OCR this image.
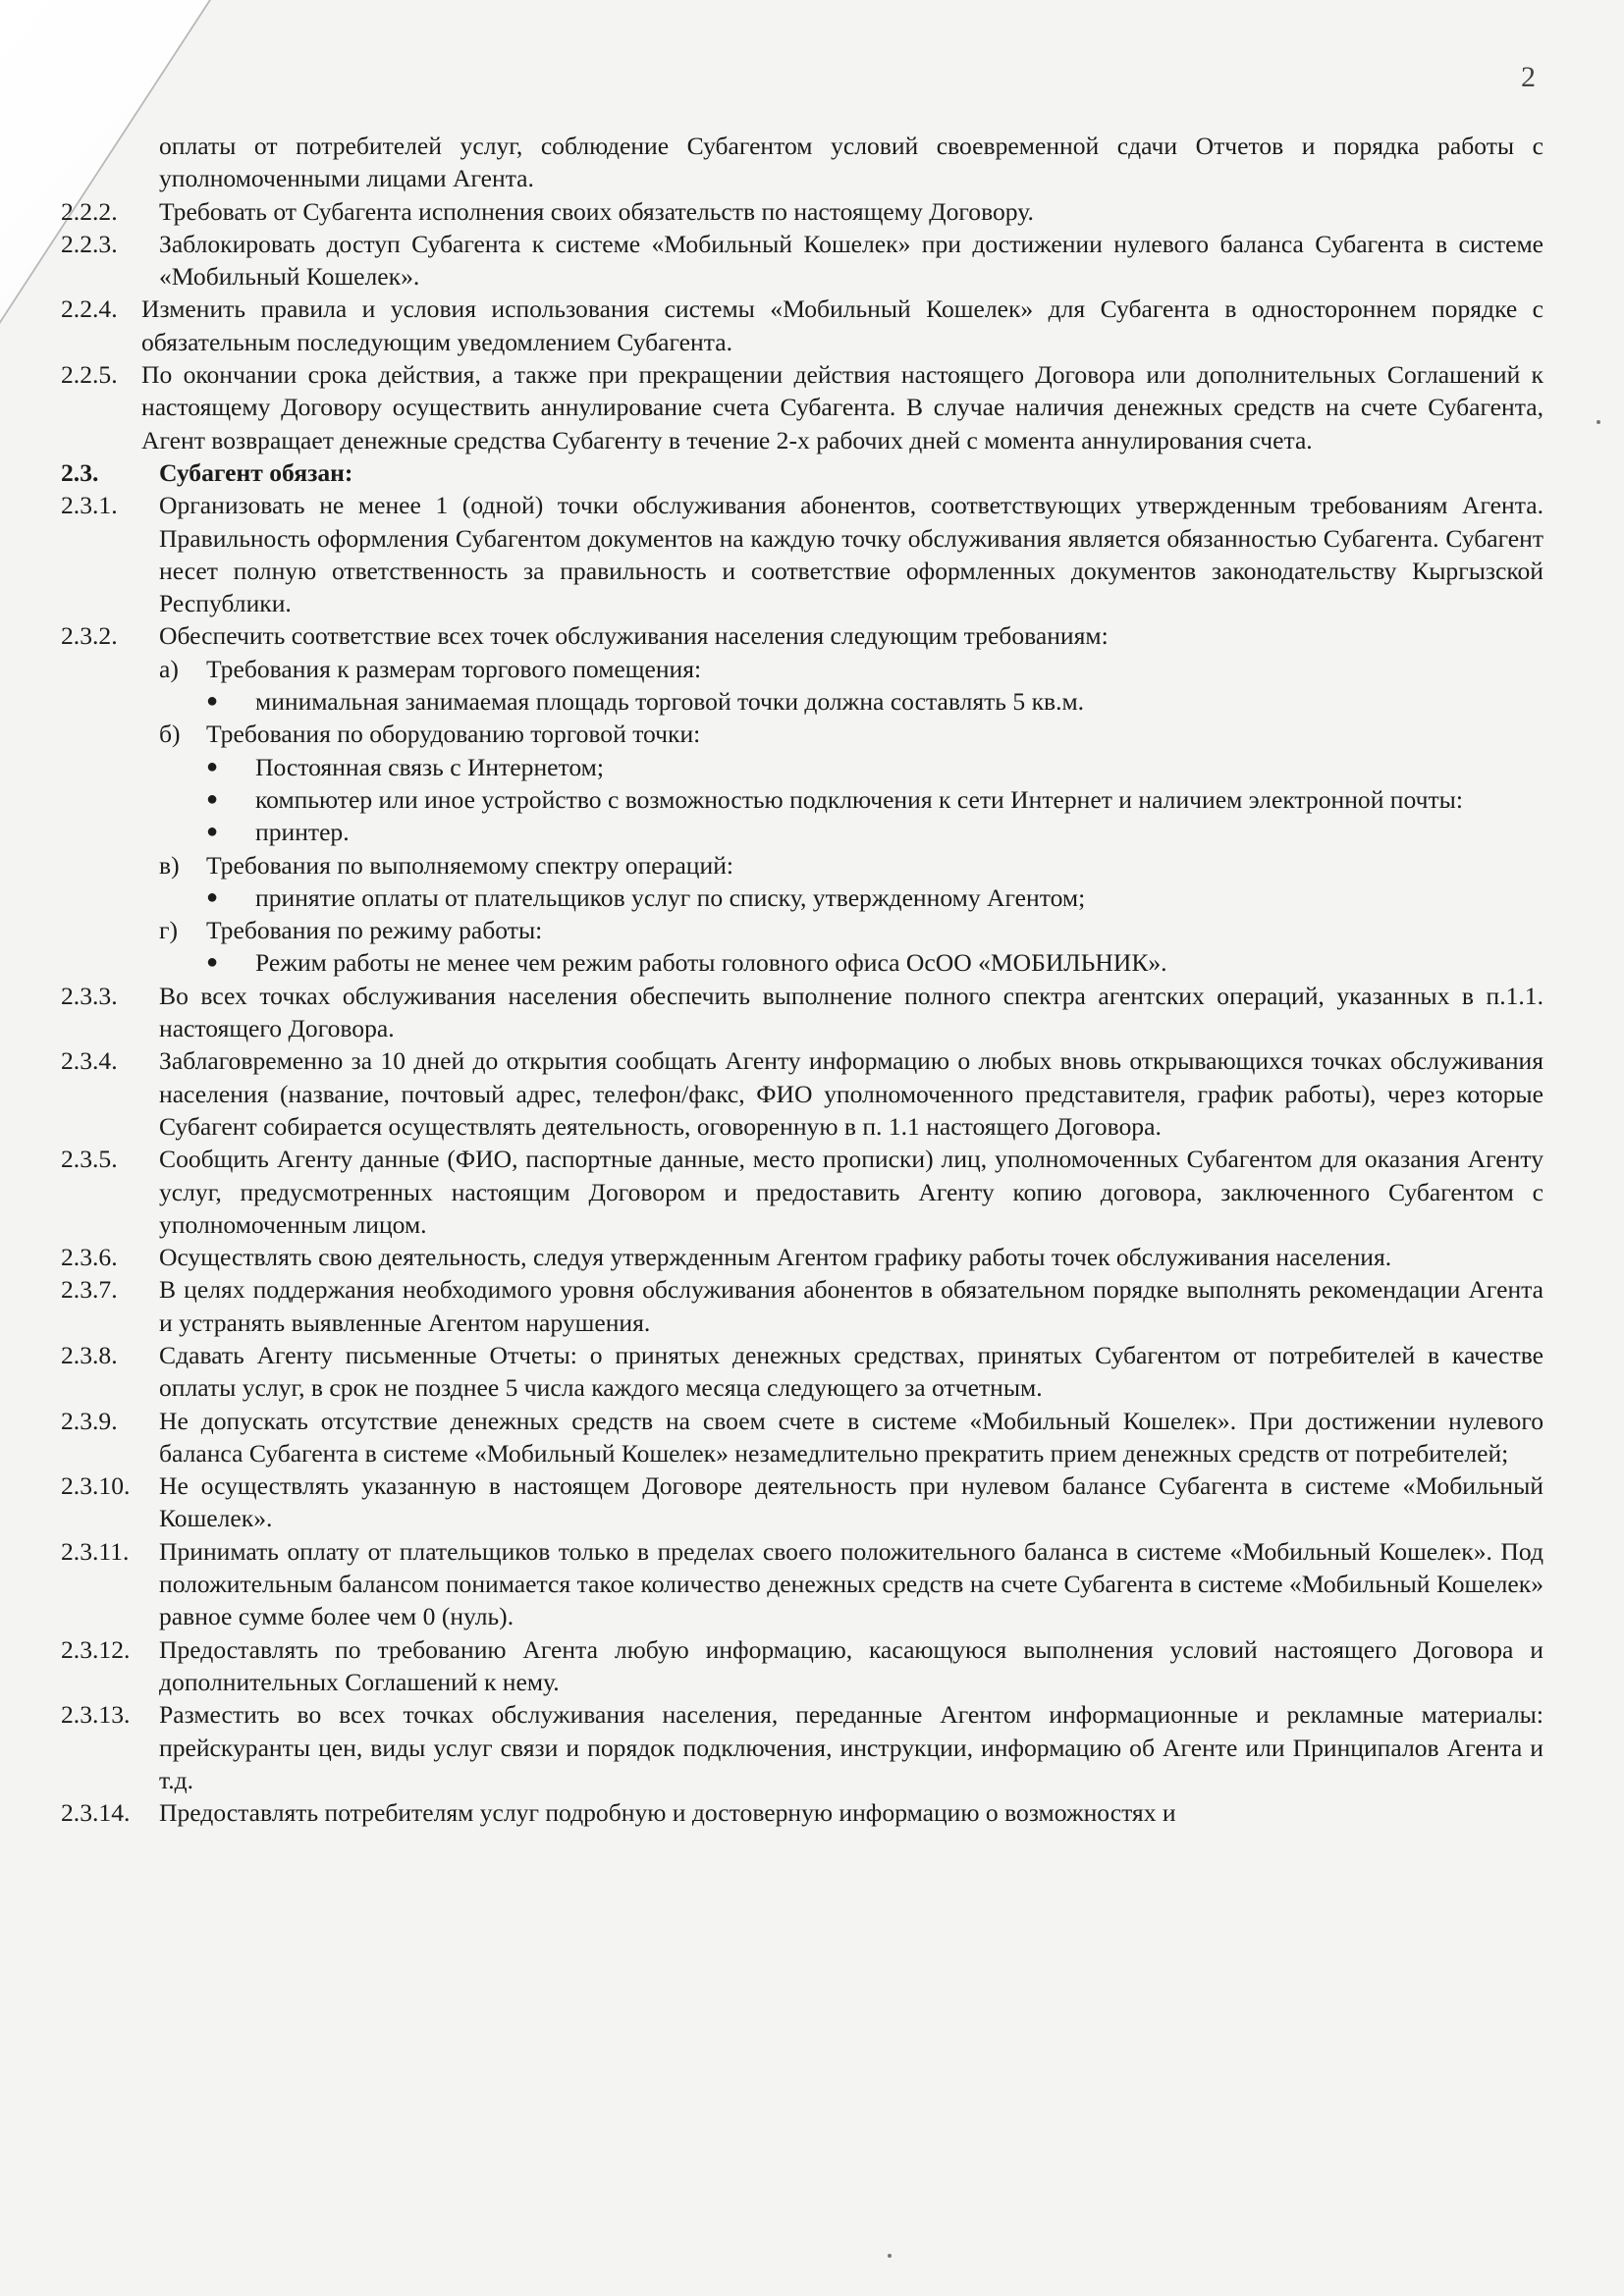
2

оплаты от потребителей услуг, соблюдение Субагентом условий своевременной сдачи Отчетов и порядка работы с уполномоченными лицами Агента.

2.2.2.	Требовать от Субагента исполнения своих обязательств по настоящему Договору.
2.2.3.	Заблокировать доступ Субагента к системе «Мобильный Кошелек» при достижении нулевого баланса Субагента в системе «Мобильный Кошелек».
2.2.4. Изменить правила и условия использования системы «Мобильный Кошелек» для Субагента в одностороннем порядке с обязательным последующим уведомлением Субагента.
2.2.5. По окончании срока действия, а также при прекращении действия настоящего Договора или дополнительных Соглашений к настоящему Договору осуществить аннулирование счета Субагента. В случае наличия денежных средств на счете Субагента, Агент возвращает денежные средства Субагенту в течение 2-х рабочих дней с момента аннулирования счета.
2.3.	Субагент обязан:
2.3.1.	Организовать не менее 1 (одной) точки обслуживания абонентов, соответствующих утвержденным требованиям Агента. Правильность оформления Субагентом документов на каждую точку обслуживания является обязанностью Субагента. Субагент несет полную ответственность за правильность и соответствие оформленных документов законодательству Кыргызской Республики.
2.3.2.	Обеспечить соответствие всех точек обслуживания населения следующим требованиям:
а)	Требования к размерам торгового помещения:
●	минимальная занимаемая площадь торговой точки должна составлять 5 кв.м.
б)	Требования по оборудованию торговой точки:
●	Постоянная связь с Интернетом;
●	компьютер или иное устройство с возможностью подключения к сети Интернет и наличием электронной почты:
●	принтер.
в)	Требования по выполняемому спектру операций:
●	принятие оплаты от плательщиков услуг по списку, утвержденному Агентом;
г)	Требования по режиму работы:
●	Режим работы не менее чем режим работы головного офиса ОсОО «МОБИЛЬНИК».
2.3.3.	Во всех точках обслуживания населения обеспечить выполнение полного спектра агентских операций, указанных в п.1.1. настоящего Договора.
2.3.4.	Заблаговременно за 10 дней до открытия сообщать Агенту информацию о любых вновь открывающихся точках обслуживания населения (название, почтовый адрес, телефон/факс, ФИО уполномоченного представителя, график работы), через которые Субагент собирается осуществлять деятельность, оговоренную в п. 1.1 настоящего Договора.
2.3.5.	Сообщить Агенту данные (ФИО, паспортные данные, место прописки) лиц, уполномоченных Субагентом для оказания Агенту услуг, предусмотренных настоящим Договором и предоставить Агенту копию договора, заключенного Субагентом с уполномоченным лицом.
2.3.6.	Осуществлять свою деятельность, следуя утвержденным Агентом графику работы точек обслуживания населения.
2.3.7.	В целях поддержания необходимого уровня обслуживания абонентов в обязательном порядке выполнять рекомендации Агента и устранять выявленные Агентом нарушения.
2.3.8.	Сдавать Агенту письменные Отчеты: о принятых денежных средствах, принятых Субагентом от потребителей в качестве оплаты услуг, в срок не позднее 5 числа каждого месяца следующего за отчетным.
2.3.9.	Не допускать отсутствие денежных средств на своем счете в системе «Мобильный Кошелек». При достижении нулевого баланса Субагента в системе «Мобильный Кошелек» незамедлительно прекратить прием денежных средств от потребителей;
2.3.10.	Не осуществлять указанную в настоящем Договоре деятельность при нулевом балансе Субагента в системе «Мобильный Кошелек».
2.3.11.	Принимать оплату от плательщиков только в пределах своего положительного баланса в системе «Мобильный Кошелек». Под положительным балансом понимается такое количество денежных средств на счете Субагента в системе «Мобильный Кошелек» равное сумме более чем 0 (нуль).
2.3.12.	Предоставлять по требованию Агента любую информацию, касающуюся выполнения условий настоящего Договора и дополнительных Соглашений к нему.
2.3.13.	Разместить во всех точках обслуживания населения, переданные Агентом информационные и рекламные материалы: прейскуранты цен, виды услуг связи и порядок подключения, инструкции, информацию об Агенте или Принципалов Агента и т.д.
2.3.14.	Предоставлять потребителям услуг подробную и достоверную информацию о возможностях и
